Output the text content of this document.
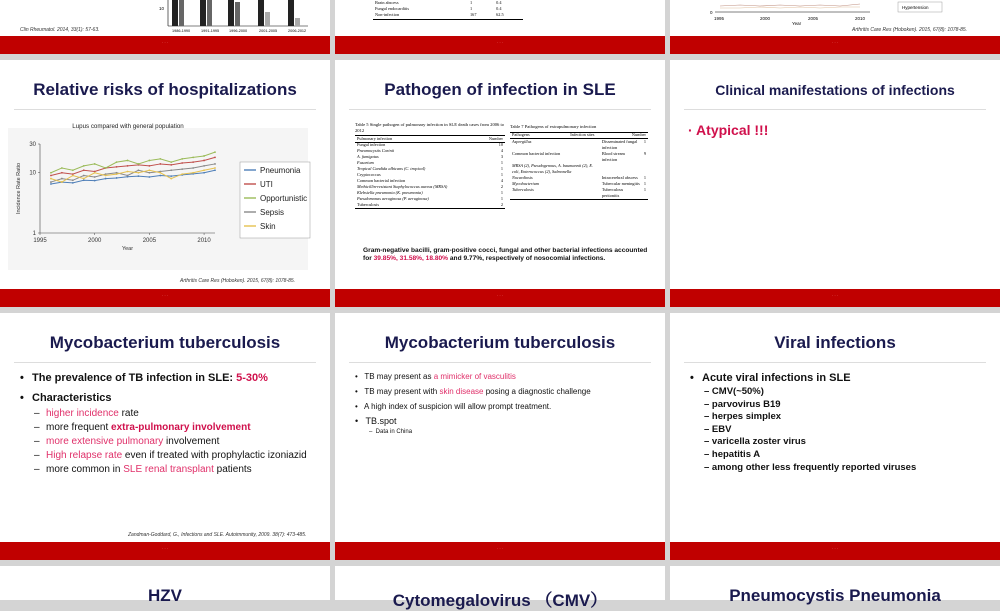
10
1986-1990	1991-1995	1996-2000	2001-2005	2006-2012
Clin Rheumatol. 2014, 33(1): 57-63.
· · ·
Brain abscess	1	0.4
Fungal endocarditis	1	0.4
Non-infection	167	62.5
· · ·
0
1995	2000	2005	2010
Year
Hypertension
Arthritis Care Res (Hoboken). 2015, 67(8): 1078-85.
· · ·
Relative risks of hospitalizations
Lupus compared with general population
1
10
30
1995	2000	2005	2010
Year
Incidence Rate Ratio	Pneumonia
UTI
Opportunistic
Sepsis
Skin
Arthritis Care Res (Hoboken). 2015, 67(8): 1078-85.
· · ·
Pathogen of infection in SLE
Table 5 Single pathogen of pulmonary infection in SLE death cases from 2006 to 2012
Pulmonary infection	Number

Fungal infection	10
Pneumocystis Carinii	4
A. fumigatus	3
Fusarium	1
Tropical Candida albicans (C. tropical)	1
Cryptococcus	1
Common bacterial infection	4
Methicillin-resistant Staphylococcus aureus (MRSA)	2
Klebsiella pneumonia (K. pneumonia)	1
Pseudomonas aeruginosa (P. aeruginosa)	1
Tuberculosis	2
Table 7 Pathogens of extrapulmonary infection
Pathogens	Infection sites	Number

Aspergillus	Disseminated fungal infection	1
Common bacterial infection	Blood stream infection	9
MRSA (2), Pseudogenous, A. baumannii (2), E. coli, Enterococcus (2), Salmonella		
Nocardiosis	Intracerebral abscess	1
Mycobacterium	Tubercular meningitis	1
Tuberculosis	Tuberculous peritonitis	1
Gram-negative bacilli, gram-positive cocci, fungal and other bacterial infections accounted for 39.85%, 31.58%, 18.80% and 9.77%, respectively of nosocomial infections.
· · ·
Clinical manifestations of infections
· Atypical !!!
· · ·
Mycobacterium tuberculosis
• The prevalence of TB infection in SLE: 5-30%
• Characteristics
– higher incidence rate
– more frequent extra-pulmonary involvement
– more extensive pulmonary involvement
– High relapse rate even if treated with prophylactic izoniazid
– more common in SLE renal transplant patients
Zandman-Goddard, G., Infections and SLE. Autoimmunity, 2009. 38(7): 473-485.
· · ·
Mycobacterium tuberculosis
•   TB may present as a mimicker of vasculitis
•   TB may present with skin disease posing a diagnostic challenge
•   A high index of suspicion will allow prompt treatment.
•   TB.spot
–  Data in China
· · ·
Viral infections
• Acute viral infections in SLE
– CMV(~50%)
– parvovirus B19
– herpes simplex
– EBV
– varicella zoster virus
– hepatitis A
– among other less frequently reported viruses
· · ·
HZV	Cytomegalovirus （CMV）	Pneumocystis Pneumonia
